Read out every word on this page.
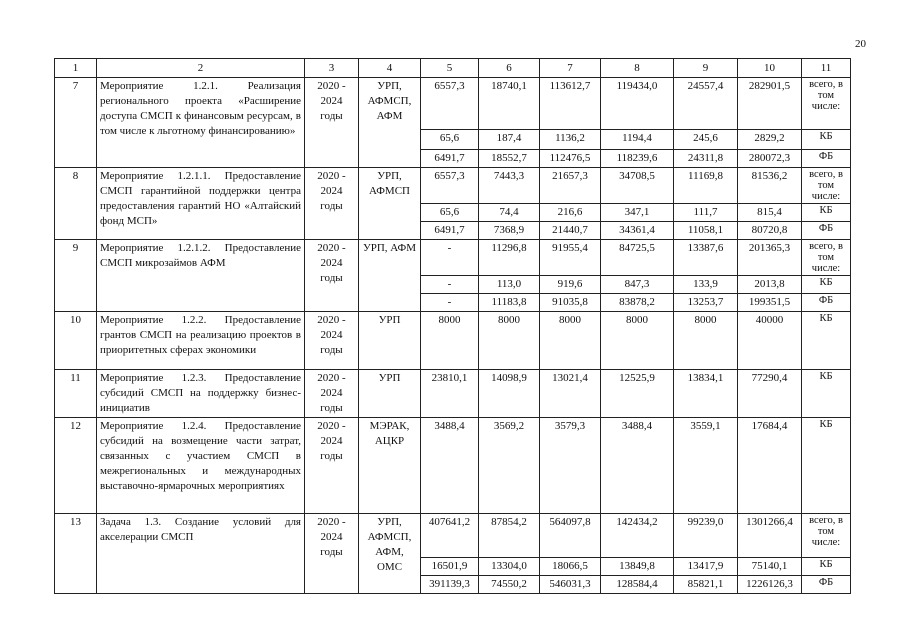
20
1	2	3	4	5	6	7	8	9	10	11
7	Мероприятие 1.2.1. Реализация регионального проекта «Расширение доступа СМСП к финансовым ресурсам, в том числе к льготному финансированию»	2020 - 2024 годы	УРП, АФМСП, АФМ	6557,3	18740,1	113612,7	119434,0	24557,4	282901,5	всего, в том числе:
				65,6	187,4	1136,2	1194,4	245,6	2829,2	КБ
				6491,7	18552,7	112476,5	118239,6	24311,8	280072,3	ФБ
8	Мероприятие 1.2.1.1. Предоставление СМСП гарантийной поддержки центра предоставления гарантий НО «Алтайский фонд МСП»	2020 - 2024 годы	УРП, АФМСП	6557,3	7443,3	21657,3	34708,5	11169,8	81536,2	всего, в том числе:
				65,6	74,4	216,6	347,1	111,7	815,4	КБ
				6491,7	7368,9	21440,7	34361,4	11058,1	80720,8	ФБ
9	Мероприятие 1.2.1.2. Предоставление СМСП микрозаймов АФМ	2020 - 2024 годы	УРП, АФМ	-	11296,8	91955,4	84725,5	13387,6	201365,3	всего, в том числе:
				-	113,0	919,6	847,3	133,9	2013,8	КБ
				-	11183,8	91035,8	83878,2	13253,7	199351,5	ФБ
10	Мероприятие 1.2.2. Предоставление грантов СМСП на реализацию проектов в приоритетных сферах экономики	2020 - 2024 годы	УРП	8000	8000	8000	8000	8000	40000	КБ
11	Мероприятие 1.2.3. Предоставление субсидий СМСП на поддержку бизнес-инициатив	2020 - 2024 годы	УРП	23810,1	14098,9	13021,4	12525,9	13834,1	77290,4	КБ
12	Мероприятие 1.2.4. Предоставление субсидий на возмещение части затрат, связанных с участием СМСП в межрегиональных и международных выставочно-ярмарочных мероприятиях	2020 - 2024 годы	МЭРАК, АЦКР	3488,4	3569,2	3579,3	3488,4	3559,1	17684,4	КБ
13	Задача 1.3. Создание условий для акселерации СМСП	2020 - 2024 годы	УРП, АФМСП, АФМ, ОМС	407641,2	87854,2	564097,8	142434,2	99239,0	1301266,4	всего, в том числе:
				16501,9	13304,0	18066,5	13849,8	13417,9	75140,1	КБ
				391139,3	74550,2	546031,3	128584,4	85821,1	1226126,3	ФБ
